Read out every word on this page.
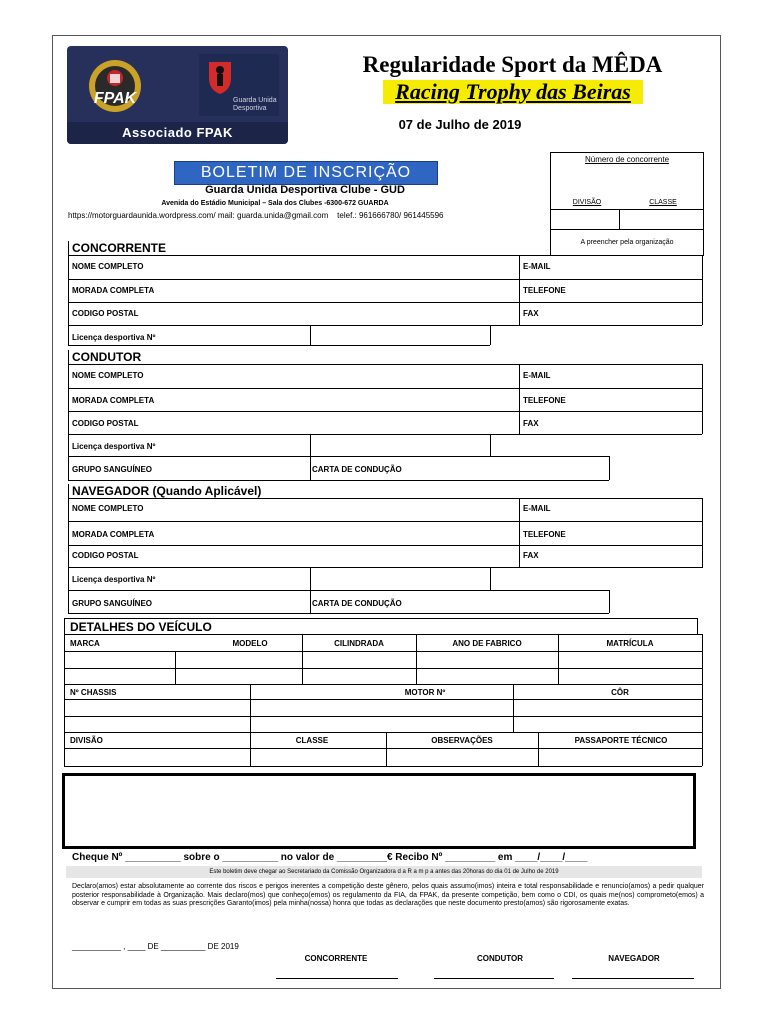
FPAK	Guarda Unida
Desportiva
Associado FPAK
Regularidade Sport da MÊDA
Racing Trophy das Beiras
07 de Julho de 2019
BOLETIM DE INSCRIÇÃO
Guarda Unida Desportiva Clube - GUD
Avenida do Estádio Municipal – Sala dos Clubes -6300-672 GUARDA
https://motorguardaunida.wordpress.com/ mail: guarda.unida@gmail.com telef.: 961666780/ 961445596
Número de concorrente
DIVISÃO	CLASSE
A preencher pela organização
CONCORRENTE
NOME COMPLETO	E-MAIL
MORADA COMPLETA	TELEFONE
CODIGO POSTAL	FAX
Licença desportiva Nº
CONDUTOR
NOME COMPLETO	E-MAIL
MORADA COMPLETA	TELEFONE
CODIGO POSTAL	FAX
Licença desportiva Nº
GRUPO SANGUÍNEO	CARTA DE CONDUÇÃO
NAVEGADOR (Quando Aplicável)
NOME COMPLETO	E-MAIL
MORADA COMPLETA	TELEFONE
CODIGO POSTAL	FAX
Licença desportiva Nº
GRUPO SANGUÍNEO	CARTA DE CONDUÇÃO
DETALHES DO VEÍCULO
MARCA	MODELO	CILINDRADA	ANO DE FABRICO	MATRÍCULA
Nº CHASSIS	MOTOR Nº	CÔR
DIVISÃO	CLASSE	OBSERVAÇÕES	PASSAPORTE TÉCNICO
Cheque Nº __________ sobre o __________ no valor de _________€ Recibo Nº _________ em ____/____/____
Este boletim deve chegar ao Secretariado da Comissão Organizadora d a R a m p a antes das 20horas do dia 01 de Julho de 2019
Declaro(amos) estar absolutamente ao corrente dos riscos e perigos inerentes a competição deste gênero, pelos quais assumo(imos) inteira e total responsabilidade e renuncio(amos) a pedir qualquer posterior responsabilidade à Organização. Mais declaro(mos) que conheço(emos) os regulamento da FIA, da FPAK, da presente competição, bem como o CDI, os quais me(nos) comprometo(emos) a observar e cumprir em todas as suas prescrições Garanto(imos) pela minha(nossa) honra que todas as declarações que neste documento presto(amos) são rigorosamente exatas.
___________ , ____ DE __________ DE 2019
CONCORRENTE	CONDUTOR	NAVEGADOR
